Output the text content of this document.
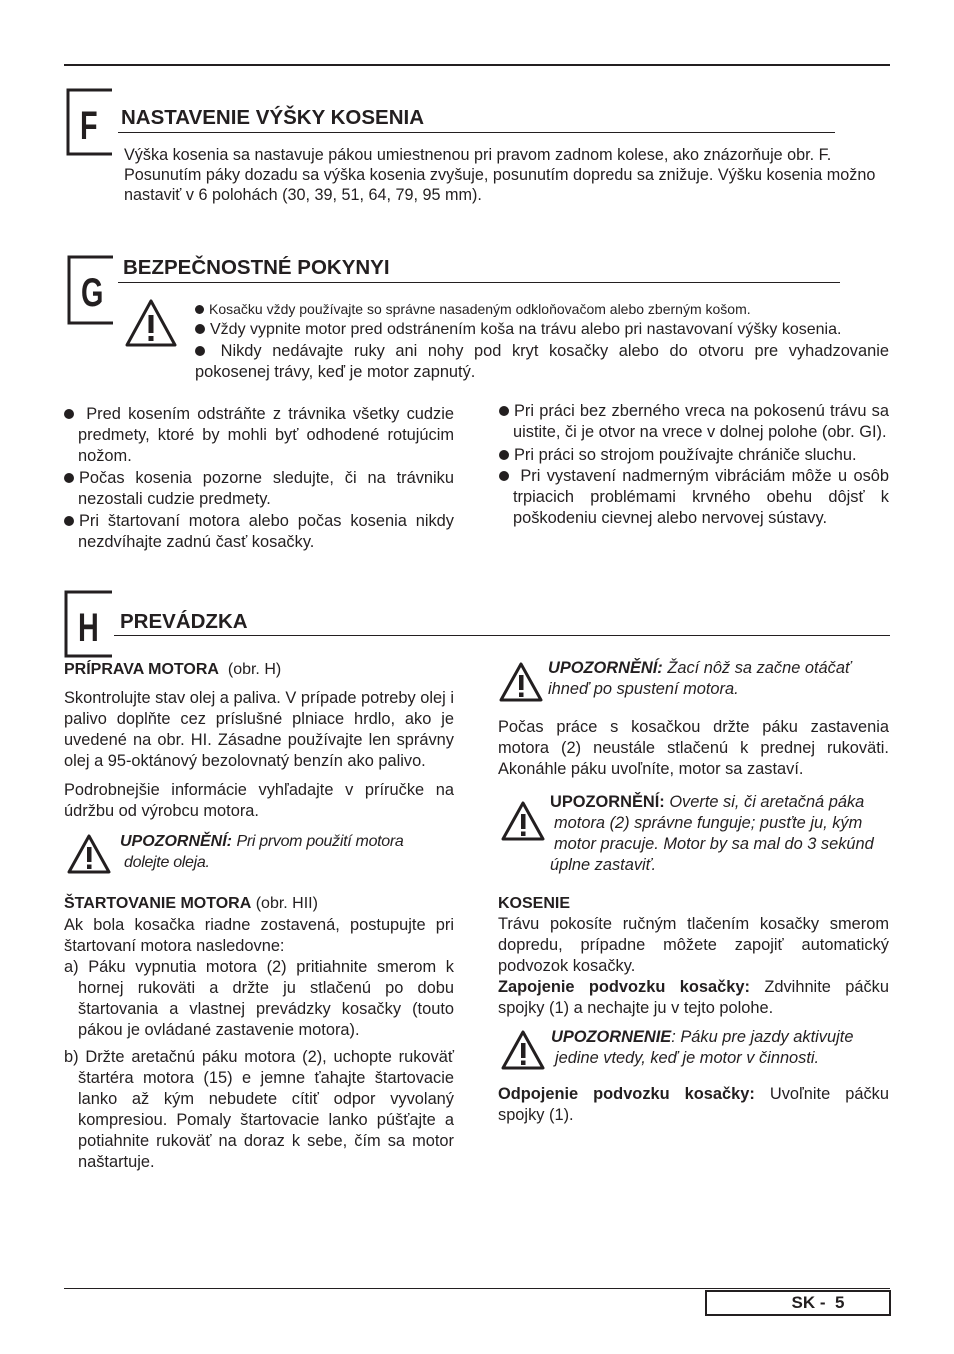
F NASTAVENIE VÝŠKY KOSENIA

Výška kosenia sa nastavuje pákou umiestnenou pri pravom zadnom kolese, ako znázorňuje obr. F. Posunutím páky dozadu sa výška kosenia zvyšuje, posunutím dopredu sa znižuje. Výšku kosenia možno nastaviť v 6 polohách (30, 39, 51, 64, 79, 95 mm).

G
BEZPEČNOSTNÉ POKYNYI
Kosačku vždy používajte so správne nasadeným odkloňovačom alebo zberným košom.
Vždy vypnite motor pred odstránením koša na trávu alebo pri nastavovaní výšky kosenia.
Nikdy nedávajte ruky ani nohy pod kryt kosačky alebo do otvoru pre vyhadzovanie pokosenej trávy, keď je motor zapnutý.
Pred kosením odstráňte z trávnika všetky cudzie predmety, ktoré by mohli byť odhodené rotujúcim nožom.
Počas kosenia pozorne sledujte, či na trávniku nezostali cudzie predmety.
Pri štartovaní motora alebo počas kosenia nikdy nezdvíhajte zadnú časť kosačky.
Pri práci bez zberného vreca na pokosenú trávu sa uistite, či je otvor na vrece v dolnej polohe (obr. GI).
Pri práci so strojom používajte chrániče sluchu.
Pri vystavení nadmerným vibráciám môže u osôb trpiacich problémami krvného obehu dôjsť k poškodeniu cievnej alebo nervovej sústavy.
H PREVÁDZKA
PRÍPRAVA MOTORA (obr. H)

Skontrolujte stav olej a paliva. V prípade potreby olej i palivo doplňte cez príslušné plniace hrdlo, ako je uvedené na obr. HI. Zásadne používajte len správny olej a 95-oktánový bezolovnatý benzín ako palivo.

Podrobnejšie informácie vyhľadajte v príručke na údržbu od výrobcu motora.

UPOZORNĚNÍ: Pri prvom použití motora
dolejte oleja.
ŠTARTOVANIE MOTORA (obr. HII)

Ak bola kosačka riadne zostavená, postupujte pri štartovaní motora nasledovne:

a) Páku vypnutia motora (2) pritiahnite smerom k hornej rukoväti a držte ju stlačenú po dobu štartovania a vlastnej prevádzky kosačky (touto pákou je ovládané zastavenie motora).

b) Držte aretačnú páku motora (2), uchopte rukoväť štartéra motora (15) e jemne ťahajte štartovacie lanko až kým nebudete cítiť odpor vyvolaný kompresiou. Pomaly štartovacie lanko púšťajte a potiahnite rukoväť na doraz k sebe, čím sa motor naštartuje.

UPOZORNĚNÍ: Žací nôž sa začne otáčať
ihneď po spustení motora.

Počas práce s kosačkou držte páku zastavenia motora (2) neustále stlačenú k prednej rukoväti. Akonáhle páku uvoľníte, motor sa zastaví.

UPOZORNĚNÍ: Overte si, či aretačná páka
motora (2) správne funguje; pusťte ju, kým
motor pracuje. Motor by sa mal do 3 sekúnd
úplne zastaviť.
KOSENIE

Trávu pokosíte ručným tlačením kosačky smerom dopredu, prípadne môžete zapojiť automatický podvozok kosačky.

Zapojenie podvozku kosačky: Zdvihnite páčku spojky (1) a nechajte ju v tejto polohe.

UPOZORNENIE: Páku pre jazdy aktivujte
jedine vtedy, keď je motor v činnosti.

Odpojenie podvozku kosačky: Uvoľnite páčku spojky (1).

SK -  5
